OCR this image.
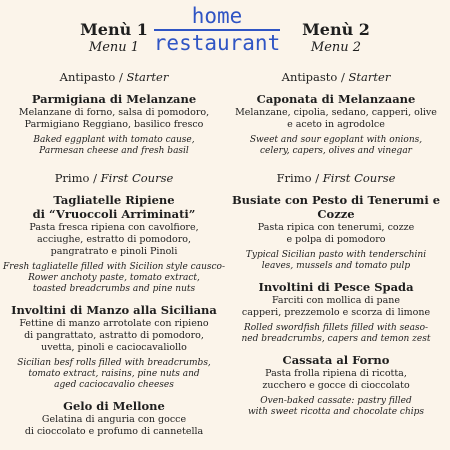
home
restaurant
Menù 1
Menu 1
Antipasto / Starter
Parmigiana di Melanzane
Melanzane di forno, salsa di pomodoro,
Parmigiano Reggiano, basilico fresco
Baked eggplant with tomato cause,
Parmesan cheese and fresh basil
Primo / First Course
Tagliatelle Ripiene
di “Vruoccoli Arriminati”
Pasta fresca ripiena con cavolfiore,
acciughe, estratto di pomodoro,
pangratrato e pinoli Pinoli
Fresh tagliatelle filled with Sicilion style causco-
Rower anchoty paste, tomato extract,
toasted breadcrumbs and pine nuts
Involtini di Manzo alla Siciliana
Fettine di manzo arrotolate con ripieno
di pangrattato, astratto di pomodoro,
uvetta, pinoli e caciocavaliollo
Sicilian besf rolls filled with breadcrumbs,
tomato extract, raisins, pine nuts and
aged caciocavalio cheeses
Gelo di Mellone
Gelatina di anguria con gocce
di cioccolato e profumo di cannetella
Menù 2
Menu 2
Antipasto / Starter
Caponata di Melanzaane
Melanzane, cipolia, sedano, capperi, olive
e aceto in agrodolce
Sweet and sour egoplant with onions,
celery, capers, olives and vinegar
Frimo / First Course
Busiate con Pesto di Tenerumi e Cozze
Pasta ripica con tenerumi, cozze
e polpa di pomodoro
Typical Sicilian pasto with tenderschini
leaves, mussels and tomato pulp
Involtini di Pesce Spada
Farciti con mollica di pane
capperi, prezzemolo e scorza di limone
Rolled swordfish fillets filled with seaso-
ned breadcrumbs, capers and temon zest
Cassata al Forno
Pasta frolla ripiena di ricotta,
zucchero e gocce di cioccolato
Oven-baked cassate: pastry filled
with sweet ricotta and chocolate chips
